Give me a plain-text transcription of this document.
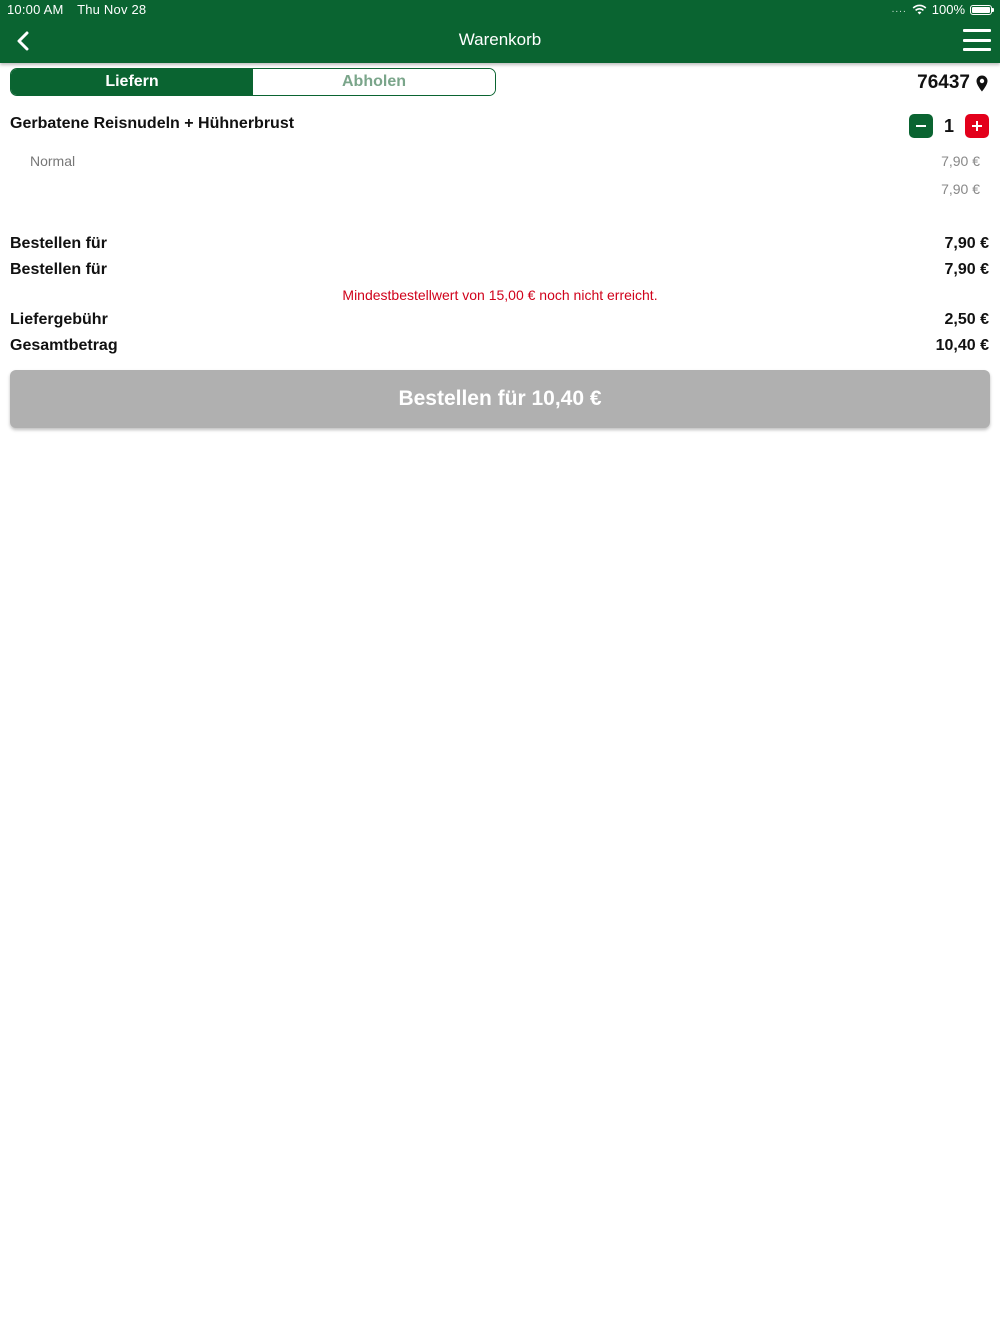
10:00 AM Thu Nov 28	.... 100%
Warenkorb
Liefern	Abholen	76437
Gerbatene Reisnudeln + Hühnerbrust	1
Normal	7,90 €
7,90 €
Bestellen für	7,90 €
Bestellen für	7,90 €
Mindestbestellwert von 15,00 € noch nicht erreicht.
Liefergebühr	2,50 €
Gesamtbetrag	10,40 €
Bestellen für 10,40 €
